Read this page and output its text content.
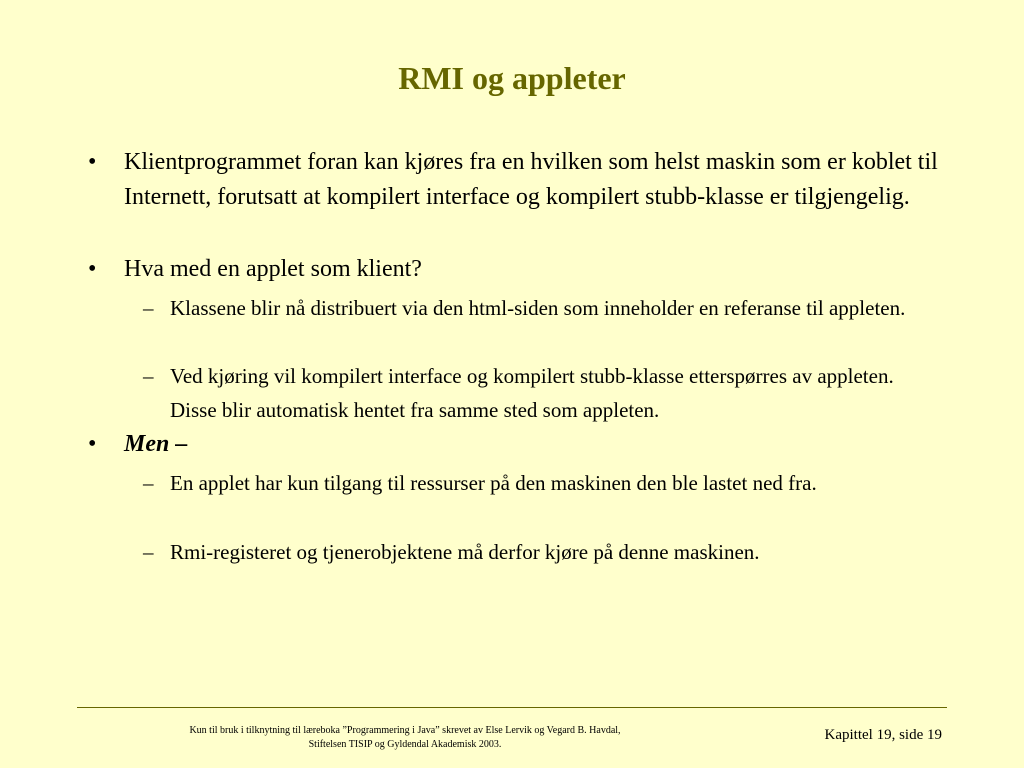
RMI og appleter
• Klientprogrammet foran kan kjøres fra en hvilken som helst maskin som er koblet til Internett, forutsatt at kompilert interface og kompilert stubb-klasse er tilgjengelig.
• Hva med en applet som klient?
– Klassene blir nå distribuert via den html-siden som inneholder en referanse til appleten.
– Ved kjøring vil kompilert interface og kompilert stubb-klasse etterspørres av appleten. Disse blir automatisk hentet fra samme sted som appleten.
• Men –
– En applet har kun tilgang til ressurser på den maskinen den ble lastet ned fra.
– Rmi-registeret og tjenerobjektene må derfor kjøre på denne maskinen.
Kun til bruk i tilknytning til læreboka ”Programmering i Java” skrevet av Else Lervik og Vegard B. Havdal,
Stiftelsen TISIP og Gyldendal Akademisk 2003.
Kapittel 19, side 19
